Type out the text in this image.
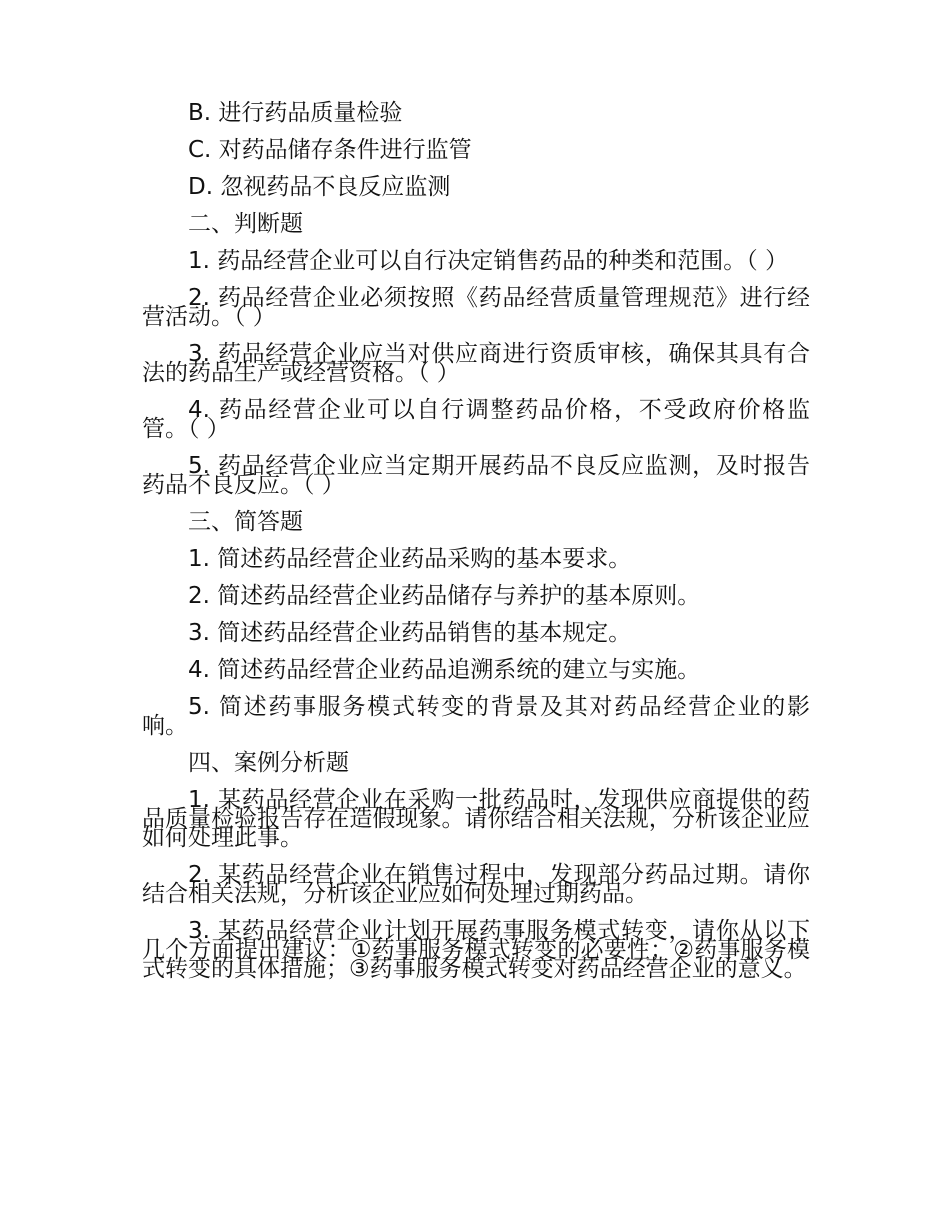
B. 进行药品质量检验

C. 对药品储存条件进行监管

D. 忽视药品不良反应监测

二、判断题

1. 药品经营企业可以自行决定销售药品的种类和范围。（ ）

2. 药品经营企业必须按照《药品经营质量管理规范》进行经营活动。（ ）

3. 药品经营企业应当对供应商进行资质审核，确保其具有合法的药品生产或经营资格。（ ）

4. 药品经营企业可以自行调整药品价格，不受政府价格监管。（ ）

5. 药品经营企业应当定期开展药品不良反应监测，及时报告药品不良反应。（ ）

三、简答题

1. 简述药品经营企业药品采购的基本要求。

2. 简述药品经营企业药品储存与养护的基本原则。

3. 简述药品经营企业药品销售的基本规定。

4. 简述药品经营企业药品追溯系统的建立与实施。

5. 简述药事服务模式转变的背景及其对药品经营企业的影响。

四、案例分析题

1. 某药品经营企业在采购一批药品时，发现供应商提供的药品质量检验报告存在造假现象。请你结合相关法规，分析该企业应如何处理此事。

2. 某药品经营企业在销售过程中，发现部分药品过期。请你结合相关法规，分析该企业应如何处理过期药品。

3. 某药品经营企业计划开展药事服务模式转变，请你从以下几个方面提出建议：①药事服务模式转变的必要性；②药事服务模式转变的具体措施；③药事服务模式转变对药品经营企业的意义。
